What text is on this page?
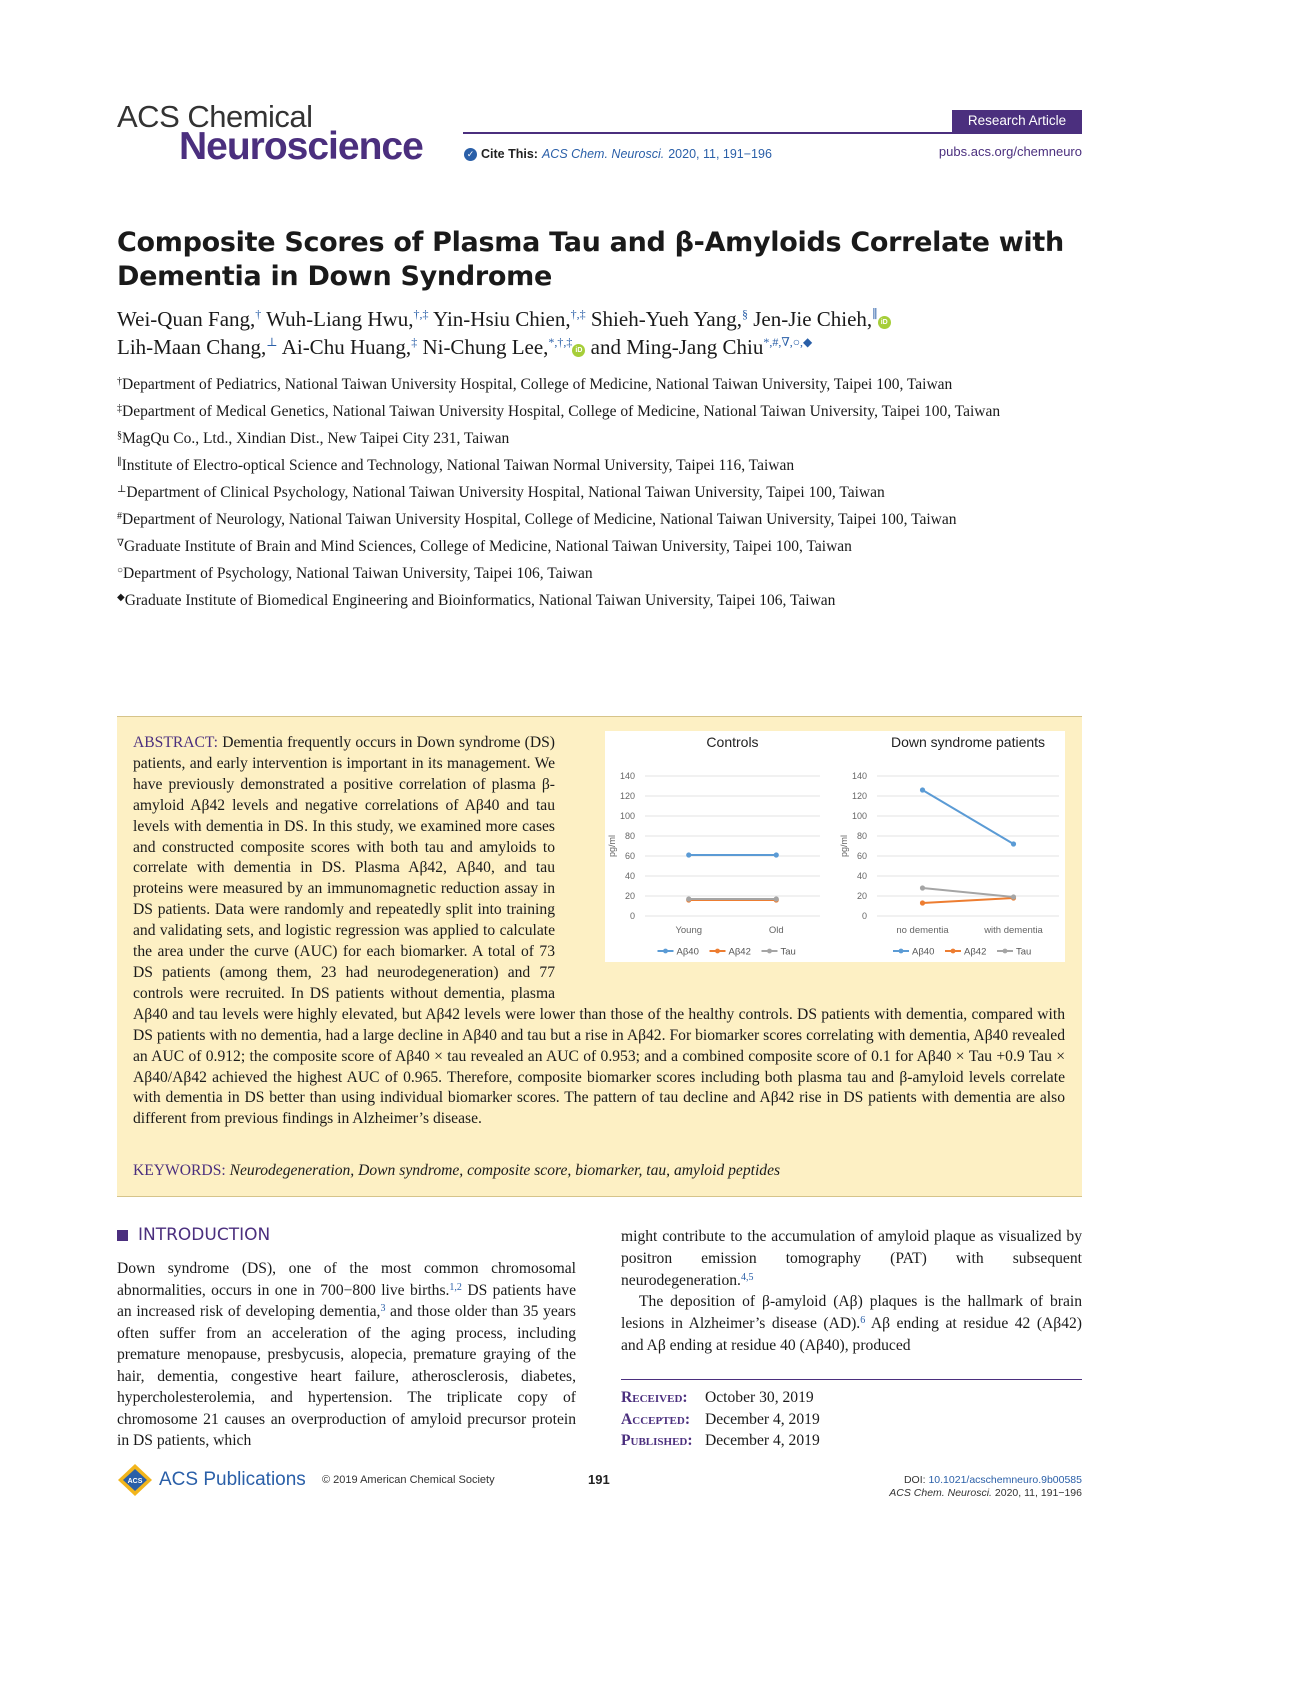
ACS Chemical
Neuroscience
Research Article
✓ Cite This: ACS Chem. Neurosci. 2020, 11, 191−196	pubs.acs.org/chemneuro
Composite Scores of Plasma Tau and β-Amyloids Correlate with Dementia in Down Syndrome
Wei-Quan Fang,† Wuh-Liang Hwu,†,‡ Yin-Hsiu Chien,†,‡ Shieh-Yueh Yang,§ Jen-Jie Chieh,∥iD
Lih-Maan Chang,⊥ Ai-Chu Huang,‡ Ni-Chung Lee,*,†,‡iD and Ming-Jang Chiu*,#,∇,○,◆
†Department of Pediatrics, National Taiwan University Hospital, College of Medicine, National Taiwan University, Taipei 100, Taiwan
‡Department of Medical Genetics, National Taiwan University Hospital, College of Medicine, National Taiwan University, Taipei 100, Taiwan
§MagQu Co., Ltd., Xindian Dist., New Taipei City 231, Taiwan
∥Institute of Electro-optical Science and Technology, National Taiwan Normal University, Taipei 116, Taiwan
⊥Department of Clinical Psychology, National Taiwan University Hospital, National Taiwan University, Taipei 100, Taiwan
#Department of Neurology, National Taiwan University Hospital, College of Medicine, National Taiwan University, Taipei 100, Taiwan
∇Graduate Institute of Brain and Mind Sciences, College of Medicine, National Taiwan University, Taipei 100, Taiwan
○Department of Psychology, National Taiwan University, Taipei 106, Taiwan
◆Graduate Institute of Biomedical Engineering and Bioinformatics, National Taiwan University, Taipei 106, Taiwan
ABSTRACT: Dementia frequently occurs in Down syndrome (DS) patients, and early intervention is important in its management. We have previously demonstrated a positive correlation of plasma β-amyloid Aβ42 levels and negative correlations of Aβ40 and tau levels with dementia in DS. In this study, we examined more cases and constructed composite scores with both tau and amyloids to correlate with dementia in DS. Plasma Aβ42, Aβ40, and tau proteins were measured by an immunomagnetic reduction assay in DS patients. Data were randomly and repeatedly split into training and validating sets, and logistic regression was applied to calculate the area under the curve (AUC) for each biomarker. A total of 73 DS patients (among them, 23 had neurodegeneration) and 77 controls were recruited. In DS patients without dementia, plasma Aβ40 and tau levels were highly elevated, but Aβ42 levels were lower than those of the healthy controls. DS patients with dementia, compared with DS patients with no dementia, had a large decline in Aβ40 and tau but a rise in Aβ42. For biomarker scores correlating with dementia, Aβ40 revealed an AUC of 0.912; the composite score of Aβ40 × tau revealed an AUC of 0.953; and a combined composite score of 0.1 for Aβ40 × Tau +0.9 Tau × Aβ40/Aβ42 achieved the highest AUC of 0.965. Therefore, composite biomarker scores including both plasma tau and β-amyloid levels correlate with dementia in DS better than using individual biomarker scores. The pattern of tau decline and Aβ42 rise in DS patients with dementia are also different from previous findings in Alzheimer’s disease.
Controls
0
20
40
60
80
100
120
140
pg/ml
Young	Old
Aβ40	Aβ42	Tau
Down syndrome patients
0
20
40
60
80
100
120
140
pg/ml
no dementia	with dementia
Aβ40	Aβ42	Tau
KEYWORDS: Neurodegeneration, Down syndrome, composite score, biomarker, tau, amyloid peptides
INTRODUCTION
Down syndrome (DS), one of the most common chromosomal abnormalities, occurs in one in 700−800 live births.$^{1,2}$ DS patients have an increased risk of developing dementia,$^3$ and those older than 35 years often suffer from an acceleration of the aging process, including premature menopause, presbycusis, alopecia, premature graying of the hair, dementia, congestive heart failure, atherosclerosis, diabetes, hypercholesterolemia, and hypertension. The triplicate copy of chromosome 21 causes an overproduction of amyloid precursor protein in DS patients, which
might contribute to the accumulation of amyloid plaque as visualized by positron emission tomography (PAT) with subsequent neurodegeneration.$^{4,5}$
The deposition of β-amyloid (Aβ) plaques is the hallmark of brain lesions in Alzheimer’s disease (AD).$^6$ Aβ ending at residue 42 (Aβ42) and Aβ ending at residue 40 (Aβ40), produced
Received:	October 30, 2019
Accepted: December 4, 2019
Published: December 4, 2019
ACS ACS Publications © 2019 American Chemical Society	191	DOI: 10.1021/acschemneuro.9b00585
ACS Chem. Neurosci. 2020, 11, 191−196
